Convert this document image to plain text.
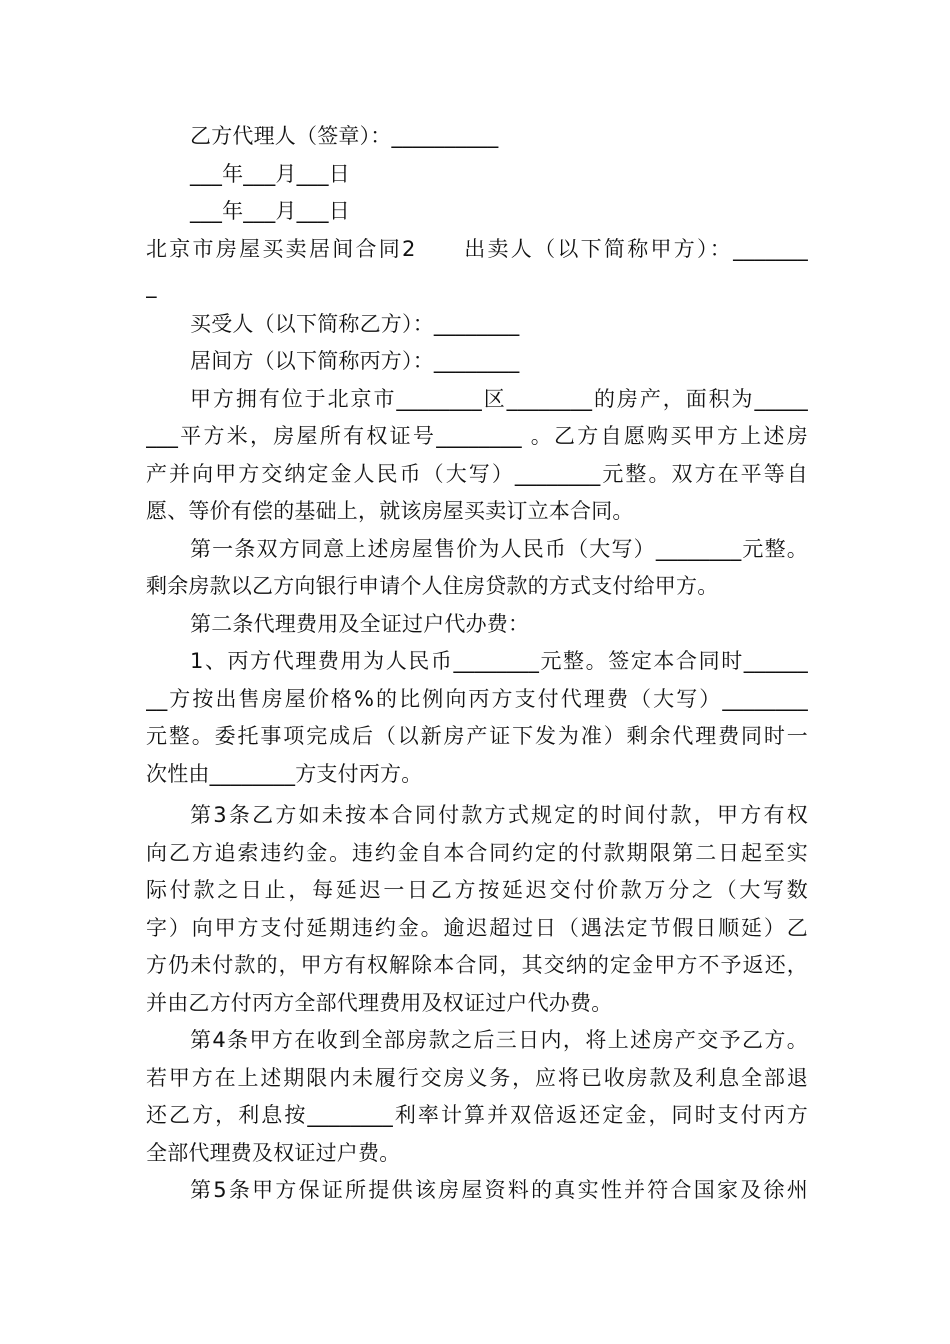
乙方代理人（签章）：__________
___年___月___日
___年___月___日
北京市房屋买卖居间合同2　　出卖人（以下简称甲方）：_______
_
买受人（以下简称乙方）：________
居间方（以下简称丙方）：________
甲方拥有位于北京市________区________的房产，面积为_____
___平方米，房屋所有权证号________ 。乙方自愿购买甲方上述房
产并向甲方交纳定金人民币（大写）________元整。双方在平等自
愿、等价有偿的基础上，就该房屋买卖订立本合同。
第一条双方同意上述房屋售价为人民币（大写）________元整。
剩余房款以乙方向银行申请个人住房贷款的方式支付给甲方。
第二条代理费用及全证过户代办费：
1、丙方代理费用为人民币________元整。签定本合同时______
__方按出售房屋价格%的比例向丙方支付代理费（大写）________
元整。委托事项完成后（以新房产证下发为准）剩余代理费同时一
次性由________方支付丙方。
第3条乙方如未按本合同付款方式规定的时间付款，甲方有权
向乙方追索违约金。违约金自本合同约定的付款期限第二日起至实
际付款之日止，每延迟一日乙方按延迟交付价款万分之（大写数
字）向甲方支付延期违约金。逾迟超过日（遇法定节假日顺延）乙
方仍未付款的，甲方有权解除本合同，其交纳的定金甲方不予返还，
并由乙方付丙方全部代理费用及权证过户代办费。
第4条甲方在收到全部房款之后三日内，将上述房产交予乙方。
若甲方在上述期限内未履行交房义务，应将已收房款及利息全部退
还乙方，利息按________利率计算并双倍返还定金，同时支付丙方
全部代理费及权证过户费。
第5条甲方保证所提供该房屋资料的真实性并符合国家及徐州
